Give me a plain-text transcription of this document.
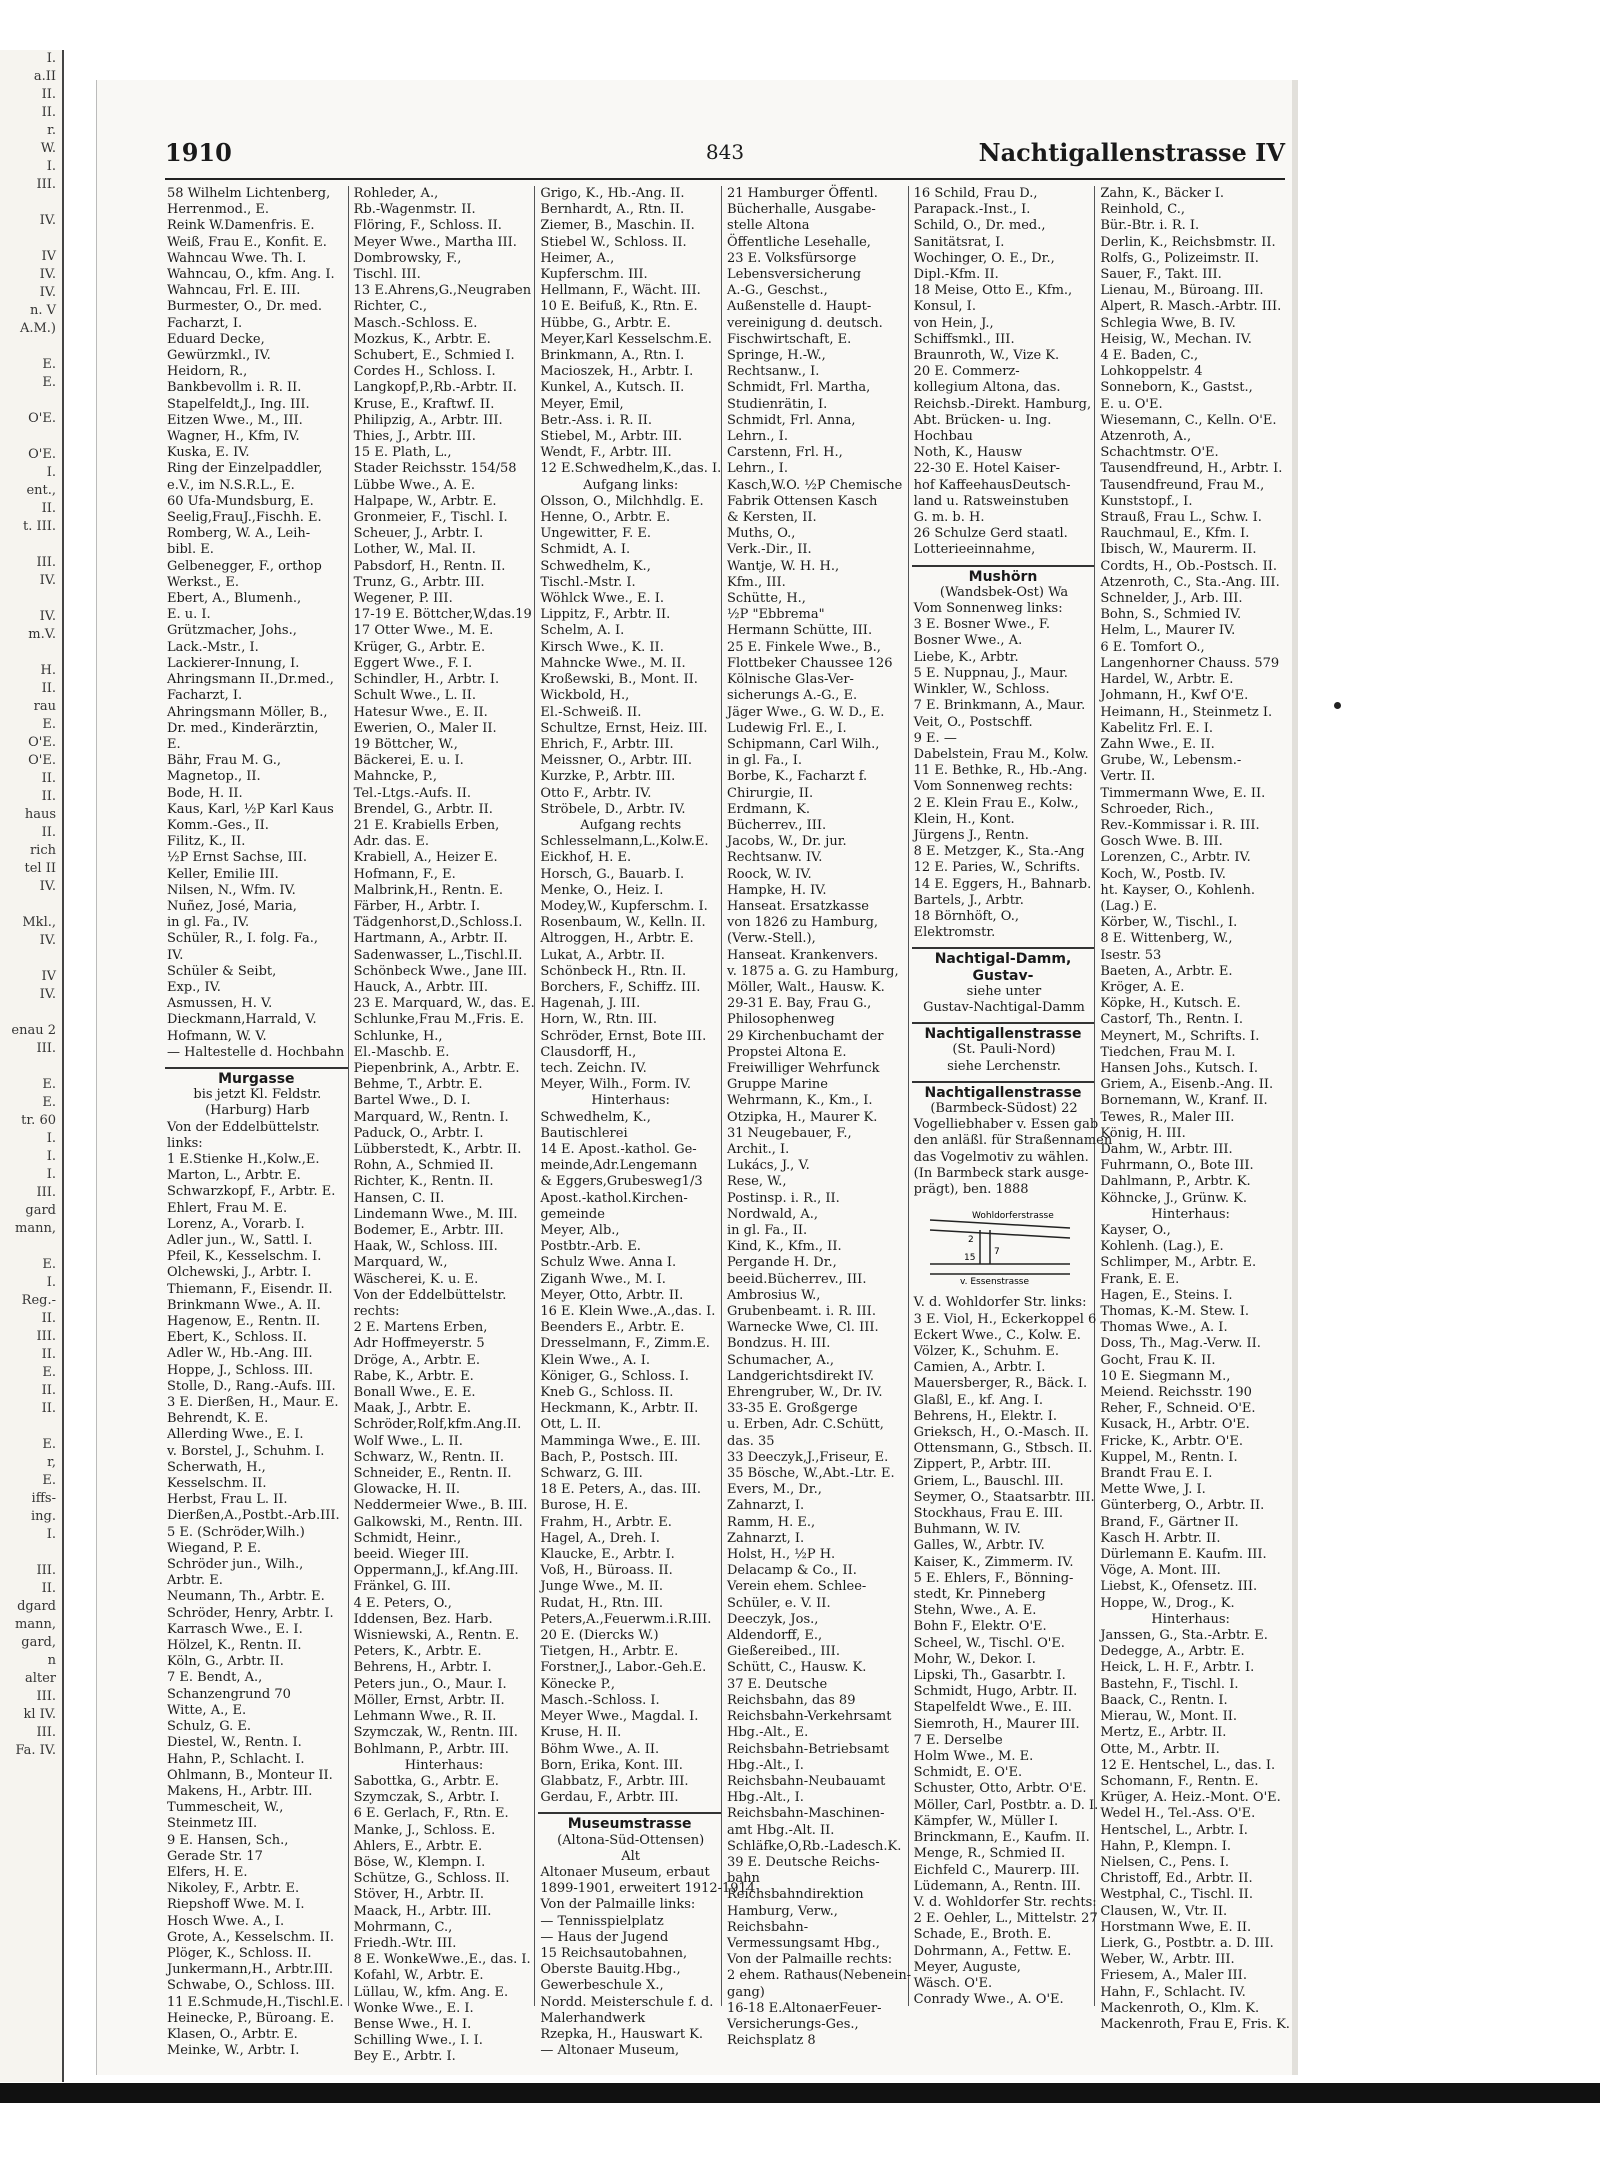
I.
a.II
II.
II.
r.
W.
I.
III.

IV.

IV
IV.
IV.
n. V
A.M.)

E.
E.

O'E.

O'E.
I.
ent.,
II.
t. III.

III.
IV.

IV.
m.V.

H.
II.
rau
E.
O'E.
O'E.
II.
II.
haus
II.
rich
tel II
IV.

Mkl.,
IV.

IV
IV.

enau 2
III.

E.
E.
tr. 60
I.
I.
I.
III.
gard
mann,

E.
I.
Reg.-
II.
III.
II.
E.
II.
II.

E.
r,
E.
iffs-
ing.
I.

III.
II.
dgard
mann,
gard,
n
alter
III.
kl IV.
III.
Fa. IV.
1910	843	Nachtigallenstrasse IV
58 Wilhelm Lichtenberg,
Herrenmod., E.
Reink W.Damenfris. E.
Weiß, Frau E., Konfit. E.
Wahncau Wwe. Th. I.
Wahncau, O., kfm. Ang. I.
Wahncau, Frl. E. III.
Burmester, O., Dr. med.
Facharzt, I.
Eduard Decke,
Gewürzmkl., IV.
Heidorn, R.,
Bankbevollm i. R. II.
Stapelfeldt,J., Ing. III.
Eitzen Wwe., M., III.
Wagner, H., Kfm, IV.
Kuska, E. IV.
Ring der Einzelpaddler,
e.V., im N.S.R.L., E.
60 Ufa-Mundsburg, E.
Seelig,FrauJ.,Fischh. E.
Romberg, W. A., Leih-
bibl. E.
Gelbenegger, F., orthop
Werkst., E.
Ebert, A., Blumenh.,
E. u. I.
Grützmacher, Johs.,
Lack.-Mstr., I.
Lackierer-Innung, I.
Ahringsmann II.,Dr.med.,
Facharzt, I.
Ahringsmann Möller, B.,
Dr. med., Kinderärztin,
E.
Bähr, Frau M. G.,
Magnetop., II.
Bode, H. II.
Kaus, Karl, ½P Karl Kaus
Komm.-Ges., II.
Filitz, K., II.
½P Ernst Sachse, III.
Keller, Emilie III.
Nilsen, N., Wfm. IV.
Nuñez, José, Maria,
in gl. Fa., IV.
Schüler, R., I. folg. Fa.,
IV.
Schüler & Seibt,
Exp., IV.
Asmussen, H. V.
Dieckmann,Harrald, V.
Hofmann, W. V.
— Haltestelle d. Hochbahn
Murgasse
bis jetzt Kl. Feldstr.
(Harburg) Harb
Von der Eddelbüttelstr.
links:
1 E.Stienke H.,Kolw.,E.
Marton, L., Arbtr. E.
Schwarzkopf, F., Arbtr. E.
Ehlert, Frau M. E.
Lorenz, A., Vorarb. I.
Adler jun., W., Sattl. I.
Pfeil, K., Kesselschm. I.
Olchewski, J., Arbtr. I.
Thiemann, F., Eisendr. II.
Brinkmann Wwe., A. II.
Hagenow, E., Rentn. II.
Ebert, K., Schloss. II.
Adler W., Hb.-Ang. III.
Hoppe, J., Schloss. III.
Stolle, D., Rang.-Aufs. III.
3 E. Dierßen, H., Maur. E.
Behrendt, K. E.
Allerding Wwe., E. I.
v. Borstel, J., Schuhm. I.
Scherwath, H.,
Kesselschm. II.
Herbst, Frau L. II.
Dierßen,A.,Postbt.-Arb.III.
5 E. (Schröder,Wilh.)
Wiegand, P. E.
Schröder jun., Wilh.,
Arbtr. E.
Neumann, Th., Arbtr. E.
Schröder, Henry, Arbtr. I.
Karrasch Wwe., E. I.
Hölzel, K., Rentn. II.
Köln, G., Arbtr. II.
7 E. Bendt, A.,
Schanzengrund 70
Witte, A., E.
Schulz, G. E.
Diestel, W., Rentn. I.
Hahn, P., Schlacht. I.
Ohlmann, B., Monteur II.
Makens, H., Arbtr. III.
Tummescheit, W.,
Steinmetz III.
9 E. Hansen, Sch.,
Gerade Str. 17
Elfers, H. E.
Nikoley, F., Arbtr. E.
Riepshoff Wwe. M. I.
Hosch Wwe. A., I.
Grote, A., Kesselschm. II.
Plöger, K., Schloss. II.
Junkermann,H., Arbtr.III.
Schwabe, O., Schloss. III.
11 E.Schmude,H.,Tischl.E.
Heinecke, P., Büroang. E.
Klasen, O., Arbtr. E.
Meinke, W., Arbtr. I.
Rohleder, A.,
Rb.-Wagenmstr. II.
Flöring, F., Schloss. II.
Meyer Wwe., Martha III.
Dombrowsky, F.,
Tischl. III.
13 E.Ahrens,G.,Neugraben
Richter, C.,
Masch.-Schloss. E.
Mozkus, K., Arbtr. E.
Schubert, E., Schmied I.
Cordes H., Schloss. I.
Langkopf,P.,Rb.-Arbtr. II.
Kruse, E., Kraftwf. II.
Philipzig, A., Arbtr. III.
Thies, J., Arbtr. III.
15 E. Plath, L.,
Stader Reichsstr. 154/58
Lübbe Wwe., A. E.
Halpape, W., Arbtr. E.
Gronmeier, F., Tischl. I.
Scheuer, J., Arbtr. I.
Lother, W., Mal. II.
Pabsdorf, H., Rentn. II.
Trunz, G., Arbtr. III.
Wegener, P. III.
17-19 E. Böttcher,W,das.19
17 Otter Wwe., M. E.
Krüger, G., Arbtr. E.
Eggert Wwe., F. I.
Schindler, H., Arbtr. I.
Schult Wwe., L. II.
Hatesur Wwe., E. II.
Ewerien, O., Maler II.
19 Böttcher, W.,
Bäckerei, E. u. I.
Mahncke, P.,
Tel.-Ltgs.-Aufs. II.
Brendel, G., Arbtr. II.
21 E. Krabiells Erben,
Adr. das. E.
Krabiell, A., Heizer E.
Hofmann, F., E.
Malbrink,H., Rentn. E.
Färber, H., Arbtr. I.
Tädgenhorst,D.,Schloss.I.
Hartmann, A., Arbtr. II.
Sadenwasser, L.,Tischl.II.
Schönbeck Wwe., Jane III.
Hauck, A., Arbtr. III.
23 E. Marquard, W., das. E.
Schlunke,Frau M.,Fris. E.
Schlunke, H.,
El.-Maschb. E.
Piepenbrink, A., Arbtr. E.
Behme, T., Arbtr. E.
Bartel Wwe., D. I.
Marquard, W., Rentn. I.
Paduck, O., Arbtr. I.
Lübberstedt, K., Arbtr. II.
Rohn, A., Schmied II.
Richter, K., Rentn. II.
Hansen, C. II.
Lindemann Wwe., M. III.
Bodemer, E., Arbtr. III.
Haak, W., Schloss. III.
Marquard, W.,
Wäscherei, K. u. E.
Von der Eddelbüttelstr.
rechts:
2 E. Martens Erben,
Adr Hoffmeyerstr. 5
Dröge, A., Arbtr. E.
Rabe, K., Arbtr. E.
Bonall Wwe., E. E.
Maak, J., Arbtr. E.
Schröder,Rolf,kfm.Ang.II.
Wolf Wwe., L. II.
Schwarz, W., Rentn. II.
Schneider, E., Rentn. II.
Glowacke, H. II.
Neddermeier Wwe., B. III.
Galkowski, M., Rentn. III.
Schmidt, Heinr.,
beeid. Wieger III.
Oppermann,J., kf.Ang.III.
Fränkel, G. III.
4 E. Peters, O.,
Iddensen, Bez. Harb.
Wisniewski, A., Rentn. E.
Peters, K., Arbtr. E.
Behrens, H., Arbtr. I.
Peters jun., O., Maur. I.
Möller, Ernst, Arbtr. II.
Lehmann Wwe., R. II.
Szymczak, W., Rentn. III.
Bohlmann, P., Arbtr. III.
Hinterhaus:
Sabottka, G., Arbtr. E.
Szymczak, S., Arbtr. I.
6 E. Gerlach, F., Rtn. E.
Manke, J., Schloss. E.
Ahlers, E., Arbtr. E.
Böse, W., Klempn. I.
Schütze, G., Schloss. II.
Stöver, H., Arbtr. II.
Maack, H., Arbtr. III.
Mohrmann, C.,
Friedh.-Wtr. III.
8 E. WonkeWwe.,E., das. I.
Kofahl, W., Arbtr. E.
Lüllau, W., kfm. Ang. E.
Wonke Wwe., E. I.
Bense Wwe., H. I.
Schilling Wwe., I. I.
Bey E., Arbtr. I.
Grigo, K., Hb.-Ang. II.
Bernhardt, A., Rtn. II.
Ziemer, B., Maschin. II.
Stiebel W., Schloss. II.
Heimer, A.,
Kupferschm. III.
Hellmann, F., Wächt. III.
10 E. Beifuß, K., Rtn. E.
Hübbe, G., Arbtr. E.
Meyer,Karl Kesselschm.E.
Brinkmann, A., Rtn. I.
Macioszek, H., Arbtr. I.
Kunkel, A., Kutsch. II.
Meyer, Emil,
Betr.-Ass. i. R. II.
Stiebel, M., Arbtr. III.
Wendt, F., Arbtr. III.
12 E.Schwedhelm,K.,das. I.
Aufgang links:
Olsson, O., Milchhdlg. E.
Henne, O., Arbtr. E.
Ungewitter, F. E.
Schmidt, A. I.
Schwedhelm, K.,
Tischl.-Mstr. I.
Wöhlck Wwe., E. I.
Lippitz, F., Arbtr. II.
Schelm, A. I.
Kirsch Wwe., K. II.
Mahncke Wwe., M. II.
Kroßewski, B., Mont. II.
Wickbold, H.,
El.-Schweiß. II.
Schultze, Ernst, Heiz. III.
Ehrich, F., Arbtr. III.
Meissner, O., Arbtr. III.
Kurzke, P., Arbtr. III.
Otto F., Arbtr. IV.
Ströbele, D., Arbtr. IV.
Aufgang rechts
Schlesselmann,L.,Kolw.E.
Eickhof, H. E.
Horsch, G., Bauarb. I.
Menke, O., Heiz. I.
Modey,W., Kupferschm. I.
Rosenbaum, W., Kelln. II.
Altroggen, H., Arbtr. E.
Lukat, A., Arbtr. II.
Schönbeck H., Rtn. II.
Borchers, F., Schiffz. III.
Hagenah, J. III.
Horn, W., Rtn. III.
Schröder, Ernst, Bote III.
Clausdorff, H.,
tech. Zeichn. IV.
Meyer, Wilh., Form. IV.
Hinterhaus:
Schwedhelm, K.,
Bautischlerei
14 E. Apost.-kathol. Ge-
meinde,Adr.Lengemann
& Eggers,Grubesweg1/3
Apost.-kathol.Kirchen-
gemeinde
Meyer, Alb.,
Postbtr.-Arb. E.
Schulz Wwe. Anna I.
Ziganh Wwe., M. I.
Meyer, Otto, Arbtr. II.
16 E. Klein Wwe.,A.,das. I.
Beenders E., Arbtr. E.
Dresselmann, F., Zimm.E.
Klein Wwe., A. I.
Königer, G., Schloss. I.
Kneb G., Schloss. II.
Heckmann, K., Arbtr. II.
Ott, L. II.
Mamminga Wwe., E. III.
Bach, P., Postsch. III.
Schwarz, G. III.
18 E. Peters, A., das. III.
Burose, H. E.
Frahm, H., Arbtr. E.
Hagel, A., Dreh. I.
Klaucke, E., Arbtr. I.
Voß, H., Büroass. II.
Junge Wwe., M. II.
Rudat, H., Rtn. III.
Peters,A.,Feuerwm.i.R.III.
20 E. (Diercks W.)
Tietgen, H., Arbtr. E.
Forstner,J., Labor.-Geh.E.
Könecke P.,
Masch.-Schloss. I.
Meyer Wwe., Magdal. I.
Kruse, H. II.
Böhm Wwe., A. II.
Born, Erika, Kont. III.
Glabbatz, F., Arbtr. III.
Gerdau, F., Arbtr. III.
Museumstrasse
(Altona-Süd-Ottensen)
Alt
Altonaer Museum, erbaut
1899-1901, erweitert 1912-1914
Von der Palmaille links:
— Tennisspielplatz
— Haus der Jugend
15 Reichsautobahnen,
Oberste Bauitg.Hbg.,
Gewerbeschule X.,
Nordd. Meisterschule f. d.
Malerhandwerk
Rzepka, H., Hauswart K.
— Altonaer Museum,
21 Hamburger Öffentl.
Bücherhalle, Ausgabe-
stelle Altona
Öffentliche Lesehalle,
23 E. Volksfürsorge
Lebensversicherung
A.-G., Geschst.,
Außenstelle d. Haupt-
vereinigung d. deutsch.
Fischwirtschaft, E.
Springe, H.-W.,
Rechtsanw., I.
Schmidt, Frl. Martha,
Studienrätin, I.
Schmidt, Frl. Anna,
Lehrn., I.
Carstenn, Frl. H.,
Lehrn., I.
Kasch,W.O. ½P Chemische
Fabrik Ottensen Kasch
& Kersten, II.
Muths, O.,
Verk.-Dir., II.
Wantje, W. H. H.,
Kfm., III.
Schütte, H.,
½P "Ebbrema"
Hermann Schütte, III.
25 E. Finkele Wwe., B.,
Flottbeker Chaussee 126
Kölnische Glas-Ver-
sicherungs A.-G., E.
Jäger Wwe., G. W. D., E.
Ludewig Frl. E., I.
Schipmann, Carl Wilh.,
in gl. Fa., I.
Borbe, K., Facharzt f.
Chirurgie, II.
Erdmann, K.
Bücherrev., III.
Jacobs, W., Dr. jur.
Rechtsanw. IV.
Roock, W. IV.
Hampke, H. IV.
Hanseat. Ersatzkasse
von 1826 zu Hamburg,
(Verw.-Stell.),
Hanseat. Krankenvers.
v. 1875 a. G. zu Hamburg,
Möller, Walt., Hausw. K.
29-31 E. Bay, Frau G.,
Philosophenweg
29 Kirchenbuchamt der
Propstei Altona E.
Freiwilliger Wehrfunck
Gruppe Marine
Wehrmann, K., Km., I.
Otzipka, H., Maurer K.
31 Neugebauer, F.,
Archit., I.
Lukács, J., V.
Rese, W.,
Postinsp. i. R., II.
Nordwald, A.,
in gl. Fa., II.
Kind, K., Kfm., II.
Pergande H. Dr.,
beeid.Bücherrev., III.
Ambrosius W.,
Grubenbeamt. i. R. III.
Warnecke Wwe, Cl. III.
Bondzus. H. III.
Schumacher, A.,
Landgerichtsdirekt IV.
Ehrengruber, W., Dr. IV.
33-35 E. Großgerge
u. Erben, Adr. C.Schütt,
das. 35
33 Deeczyk,J.,Friseur, E.
35 Bösche, W.,Abt.-Ltr. E.
Evers, M., Dr.,
Zahnarzt, I.
Ramm, H. E.,
Zahnarzt, I.
Holst, H., ½P H.
Delacamp & Co., II.
Verein ehem. Schlee-
Schüler, e. V. II.
Deeczyk, Jos.,
Aldendorff, E.,
Gießereibed., III.
Schütt, C., Hausw. K.
37 E. Deutsche
Reichsbahn, das 89
Reichsbahn-Verkehrsamt
Hbg.-Alt., E.
Reichsbahn-Betriebsamt
Hbg.-Alt., I.
Reichsbahn-Neubauamt
Hbg.-Alt., I.
Reichsbahn-Maschinen-
amt Hbg.-Alt. II.
Schläfke,O,Rb.-Ladesch.K.
39 E. Deutsche Reichs-
bahn
Reichsbahndirektion
Hamburg, Verw.,
Reichsbahn-
Vermessungsamt Hbg.,
Von der Palmaille rechts:
2 ehem. Rathaus(Nebenein-
gang)
16-18 E.AltonaerFeuer-
Versicherungs-Ges.,
Reichsplatz 8
16 Schild, Frau D.,
Parapack.-Inst., I.
Schild, O., Dr. med.,
Sanitätsrat, I.
Wochinger, O. E., Dr.,
Dipl.-Kfm. II.
18 Meise, Otto E., Kfm.,
Konsul, I.
von Hein, J.,
Schiffsmkl., III.
Braunroth, W., Vize K.
20 E. Commerz-
kollegium Altona, das.
Reichsb.-Direkt. Hamburg,
Abt. Brücken- u. Ing.
Hochbau
Noth, K., Hausw
22-30 E. Hotel Kaiser-
hof KaffeehausDeutsch-
land u. Ratsweinstuben
G. m. b. H.
26 Schulze Gerd staatl.
Lotterieeinnahme,
Mushörn
(Wandsbek-Ost) Wa
Vom Sonnenweg links:
3 E. Bosner Wwe., F.
Bosner Wwe., A.
Liebe, K., Arbtr.
5 E. Nuppnau, J., Maur.
Winkler, W., Schloss.
7 E. Brinkmann, A., Maur.
Veit, O., Postschff.
9 E. —
Dabelstein, Frau M., Kolw.
11 E. Bethke, R., Hb.-Ang.
Vom Sonnenweg rechts:
2 E. Klein Frau E., Kolw.,
Klein, H., Kont.
Jürgens J., Rentn.
8 E. Metzger, K., Sta.-Ang
12 E. Paries, W., Schrifts.
14 E. Eggers, H., Bahnarb.
Bartels, J., Arbtr.
18 Börnhöft, O.,
Elektromstr.
Nachtigal-Damm, Gustav-
siehe unter
Gustav-Nachtigal-Damm
Nachtigallenstrasse
(St. Pauli-Nord)
siehe Lerchenstr.
Nachtigallenstrasse
(Barmbeck-Südost) 22
Vogelliebhaber v. Essen gab
den anläßl. für Straßennamen
das Vogelmotiv zu wählen.
(In Barmbeck stark ausge-
prägt), ben. 1888
Wohldorferstrasse
v. Essenstrasse
2
7
15
V. d. Wohldorfer Str. links:
3 E. Viol, H., Eckerkoppel 6
Eckert Wwe., C., Kolw. E.
Völzer, K., Schuhm. E.
Camien, A., Arbtr. I.
Mauersberger, R., Bäck. I.
Glaßl, E., kf. Ang. I.
Behrens, H., Elektr. I.
Grieksch, H., O.-Masch. II.
Ottensmann, G., Stbsch. II.
Zippert, P., Arbtr. III.
Griem, L., Bauschl. III.
Seymer, O., Staatsarbtr. III.
Stockhaus, Frau E. III.
Buhmann, W. IV.
Galles, W., Arbtr. IV.
Kaiser, K., Zimmerm. IV.
5 E. Ehlers, F., Bönning-
stedt, Kr. Pinneberg
Stehn, Wwe., A. E.
Bohn F., Elektr. O'E.
Scheel, W., Tischl. O'E.
Mohr, W., Dekor. I.
Lipski, Th., Gasarbtr. I.
Schmidt, Hugo, Arbtr. II.
Stapelfeldt Wwe., E. III.
Siemroth, H., Maurer III.
7 E. Derselbe
Holm Wwe., M. E.
Schmidt, E. O'E.
Schuster, Otto, Arbtr. O'E.
Möller, Carl, Postbtr. a. D. I.
Kämpfer, W., Müller I.
Brinckmann, E., Kaufm. II.
Menge, R., Schmied II.
Eichfeld C., Maurerp. III.
Lüdemann, A., Rentn. III.
V. d. Wohldorfer Str. rechts:
2 E. Oehler, L., Mittelstr. 27
Schade, E., Broth. E.
Dohrmann, A., Fettw. E.
Meyer, Auguste,
Wäsch. O'E.
Conrady Wwe., A. O'E.
Zahn, K., Bäcker I.
Reinhold, C.,
Bür.-Btr. i. R. I.
Derlin, K., Reichsbmstr. II.
Rolfs, G., Polizeimstr. II.
Sauer, F., Takt. III.
Lienau, M., Büroang. III.
Alpert, R. Masch.-Arbtr. III.
Schlegia Wwe, B. IV.
Heisig, W., Mechan. IV.
4 E. Baden, C.,
Lohkoppelstr. 4
Sonneborn, K., Gastst.,
E. u. O'E.
Wiesemann, C., Kelln. O'E.
Atzenroth, A.,
Schachtmstr. O'E.
Tausendfreund, H., Arbtr. I.
Tausendfreund, Frau M.,
Kunststopf., I.
Strauß, Frau L., Schw. I.
Rauchmaul, E., Kfm. I.
Ibisch, W., Maurerm. II.
Cordts, H., Ob.-Postsch. II.
Atzenroth, C., Sta.-Ang. III.
Schnelder, J., Arb. III.
Bohn, S., Schmied IV.
Helm, L., Maurer IV.
6 E. Tomfort O.,
Langenhorner Chauss. 579
Hardel, W., Arbtr. E.
Johmann, H., Kwf O'E.
Heimann, H., Steinmetz I.
Kabelitz Frl. E. I.
Zahn Wwe., E. II.
Grube, W., Lebensm.-
Vertr. II.
Timmermann Wwe, E. II.
Schroeder, Rich.,
Rev.-Kommissar i. R. III.
Gosch Wwe. B. III.
Lorenzen, C., Arbtr. IV.
Koch, W., Postb. IV.
ht. Kayser, O., Kohlenh.
(Lag.) E.
Körber, W., Tischl., I.
8 E. Wittenberg, W.,
Isestr. 53
Baeten, A., Arbtr. E.
Kröger, A. E.
Köpke, H., Kutsch. E.
Castorf, Th., Rentn. I.
Meynert, M., Schrifts. I.
Tiedchen, Frau M. I.
Hansen Johs., Kutsch. I.
Griem, A., Eisenb.-Ang. II.
Bornemann, W., Kranf. II.
Tewes, R., Maler III.
König, H. III.
Dahm, W., Arbtr. III.
Fuhrmann, O., Bote III.
Dahlmann, P., Arbtr. K.
Köhncke, J., Grünw. K.
Hinterhaus:
Kayser, O.,
Kohlenh. (Lag.), E.
Schlimper, M., Arbtr. E.
Frank, E. E.
Hagen, E., Steins. I.
Thomas, K.-M. Stew. I.
Thomas Wwe., A. I.
Doss, Th., Mag.-Verw. II.
Gocht, Frau K. II.
10 E. Siegmann M.,
Meiend. Reichsstr. 190
Reher, F., Schneid. O'E.
Kusack, H., Arbtr. O'E.
Fricke, K., Arbtr. O'E.
Kuppel, M., Rentn. I.
Brandt Frau E. I.
Mette Wwe, J. I.
Günterberg, O., Arbtr. II.
Brand, F., Gärtner II.
Kasch H. Arbtr. II.
Dürlemann E. Kaufm. III.
Vöge, A. Mont. III.
Liebst, K., Ofensetz. III.
Hoppe, W., Drog., K.
Hinterhaus:
Janssen, G., Sta.-Arbtr. E.
Dedegge, A., Arbtr. E.
Heick, L. H. F., Arbtr. I.
Bastehn, F., Tischl. I.
Baack, C., Rentn. I.
Mierau, W., Mont. II.
Mertz, E., Arbtr. II.
Otte, M., Arbtr. II.
12 E. Hentschel, L., das. I.
Schomann, F., Rentn. E.
Krüger, A. Heiz.-Mont. O'E.
Wedel H., Tel.-Ass. O'E.
Hentschel, L., Arbtr. I.
Hahn, P., Klempn. I.
Nielsen, C., Pens. I.
Christoff, Ed., Arbtr. II.
Westphal, C., Tischl. II.
Clausen, W., Vtr. II.
Horstmann Wwe, E. II.
Lierk, G., Postbtr. a. D. III.
Weber, W., Arbtr. III.
Friesem, A., Maler III.
Hahn, F., Schlacht. IV.
Mackenroth, O., Klm. K.
Mackenroth, Frau E, Fris. K.
